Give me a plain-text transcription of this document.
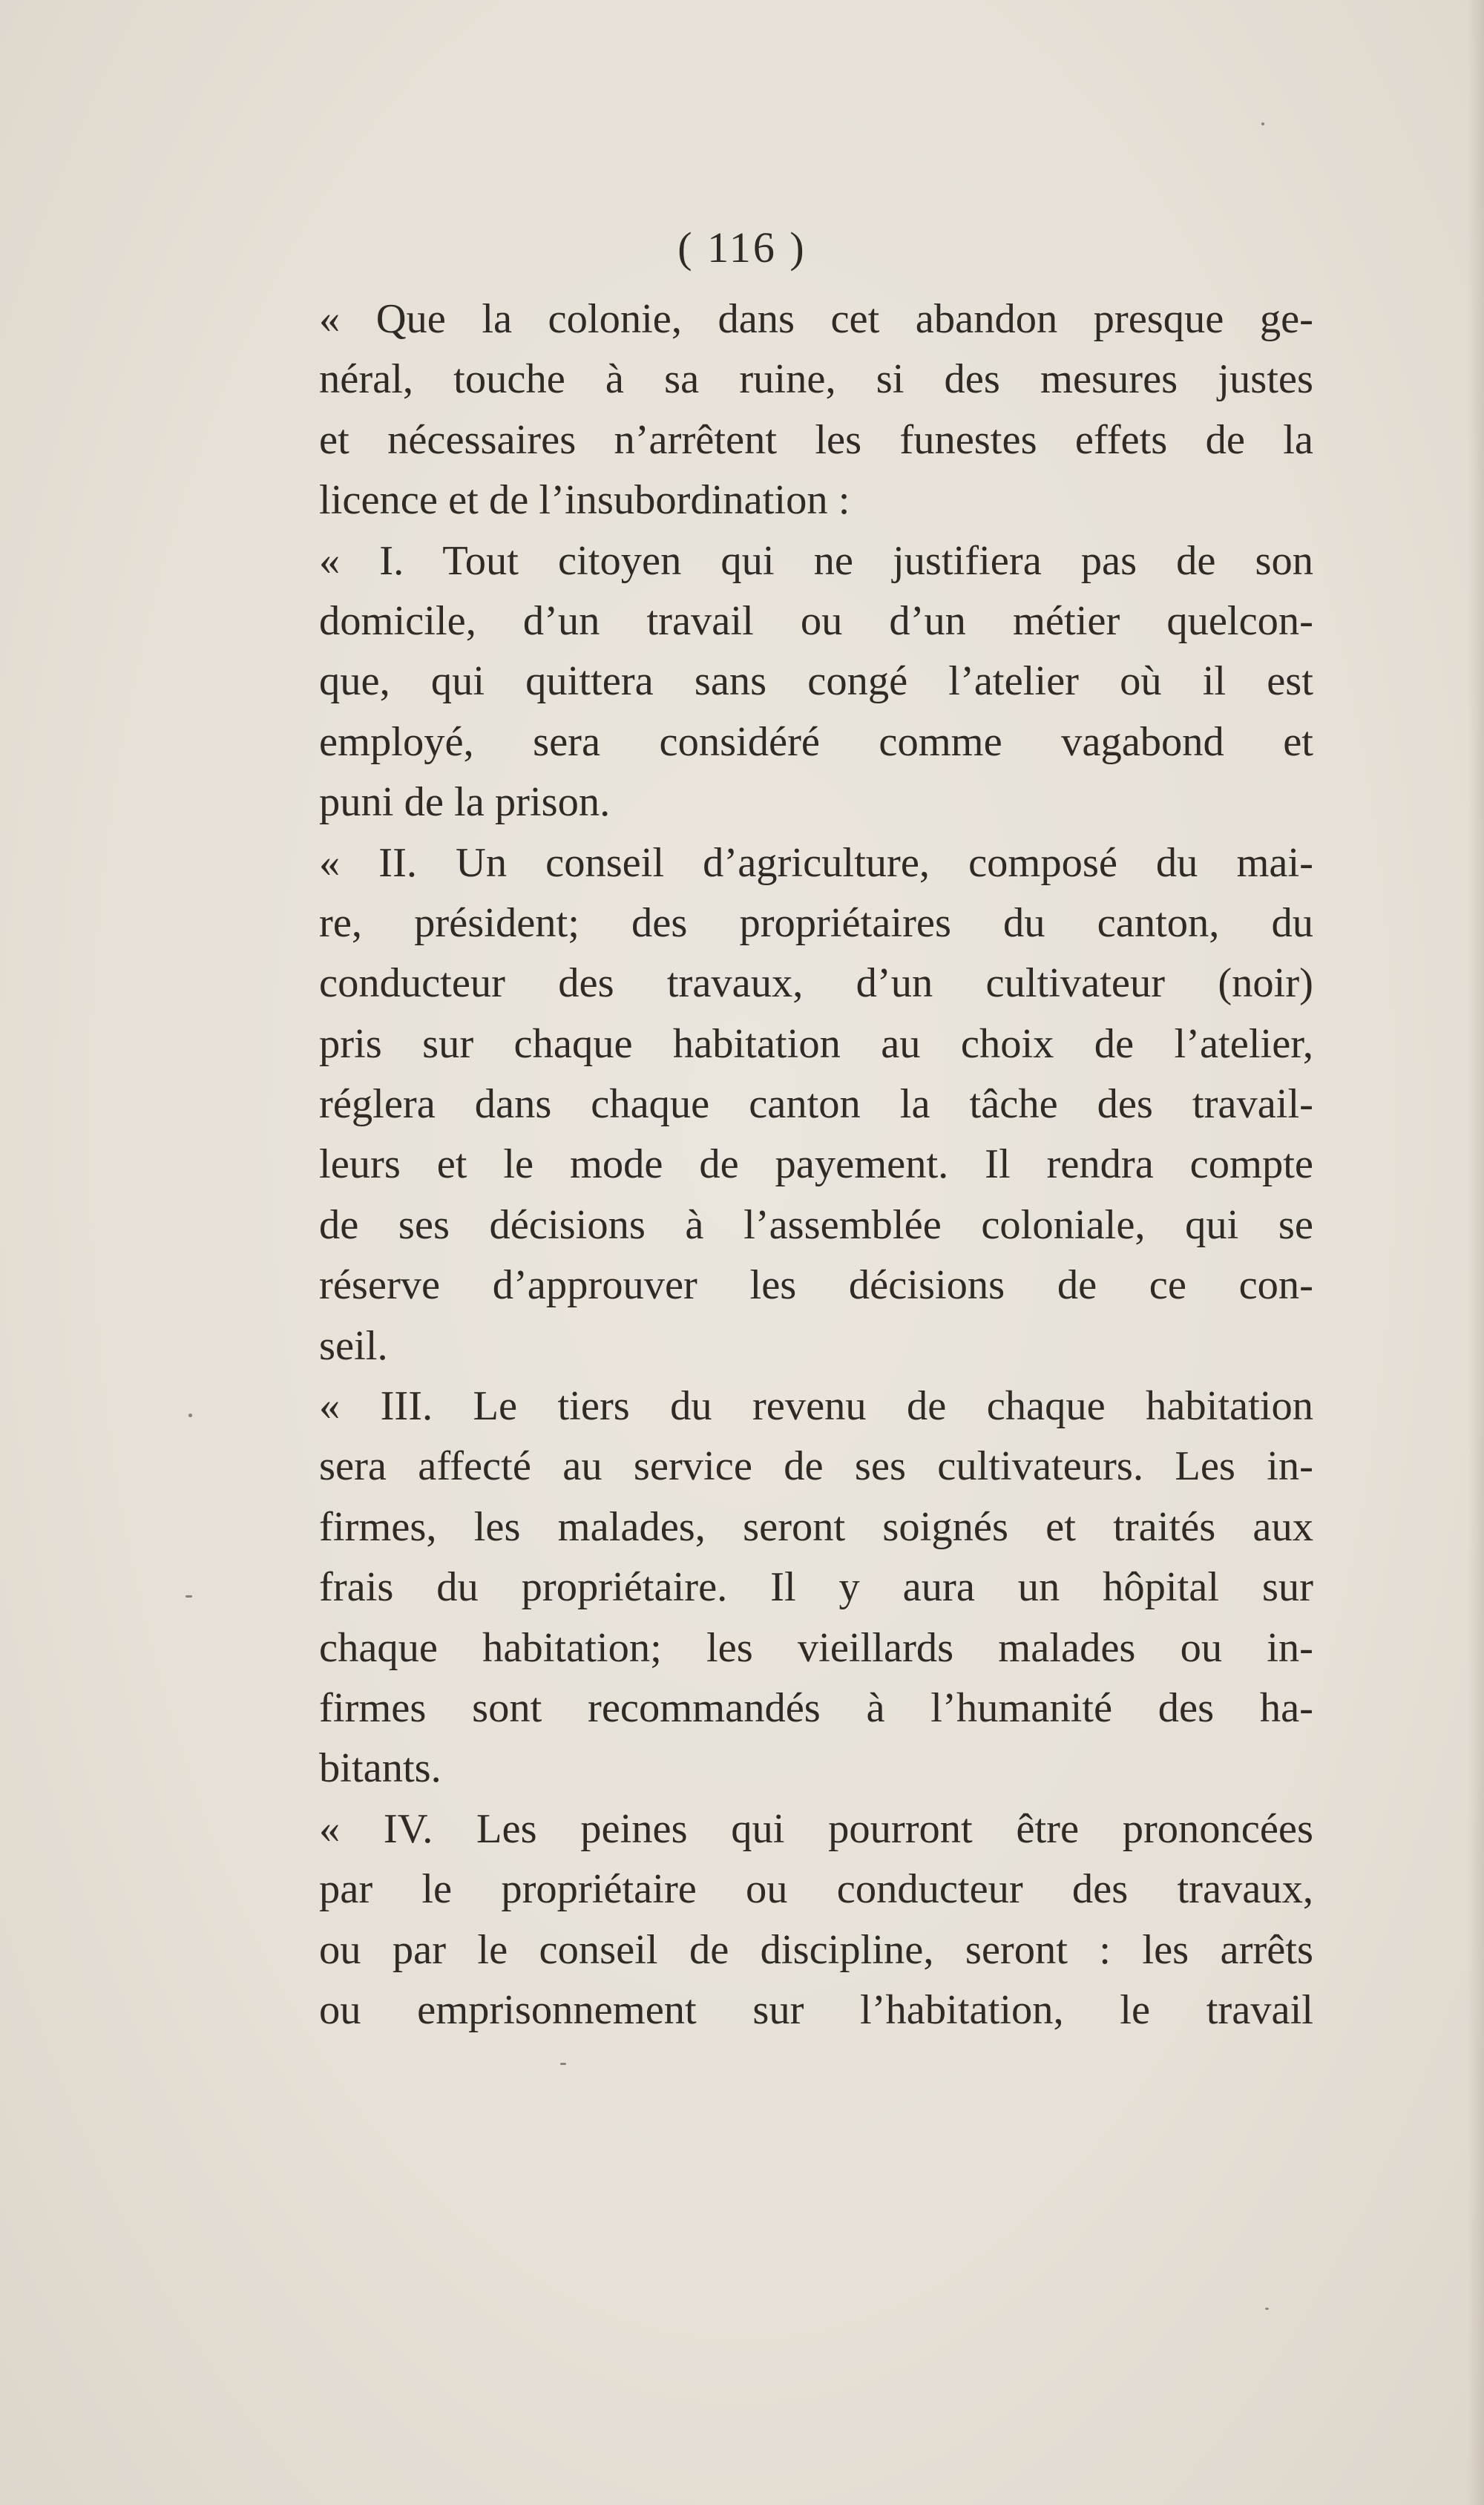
( 116 )
« Que la colonie, dans cet abandon presque ge-
néral, touche à sa ruine, si des mesures justes
et nécessaires n’arrêtent les funestes effets de la
licence et de l’insubordination :
« I. Tout citoyen qui ne justifiera pas de son
domicile, d’un travail ou d’un métier quelcon-
que, qui quittera sans congé l’atelier où il est
employé, sera considéré comme vagabond et
puni de la prison.
« II. Un conseil d’agriculture, composé du mai-
re, président; des propriétaires du canton, du
conducteur des travaux, d’un cultivateur (noir)
pris sur chaque habitation au choix de l’atelier,
réglera dans chaque canton la tâche des travail-
leurs et le mode de payement. Il rendra compte
de ses décisions à l’assemblée coloniale, qui se
réserve d’approuver les décisions de ce con-
seil.
« III. Le tiers du revenu de chaque habitation
sera affecté au service de ses cultivateurs. Les in-
firmes, les malades, seront soignés et traités aux
frais du propriétaire. Il y aura un hôpital sur
chaque habitation; les vieillards malades ou in-
firmes sont recommandés à l’humanité des ha-
bitants.
« IV. Les peines qui pourront être prononcées
par le propriétaire ou conducteur des travaux,
ou par le conseil de discipline, seront : les arrêts
ou emprisonnement sur l’habitation, le travail
